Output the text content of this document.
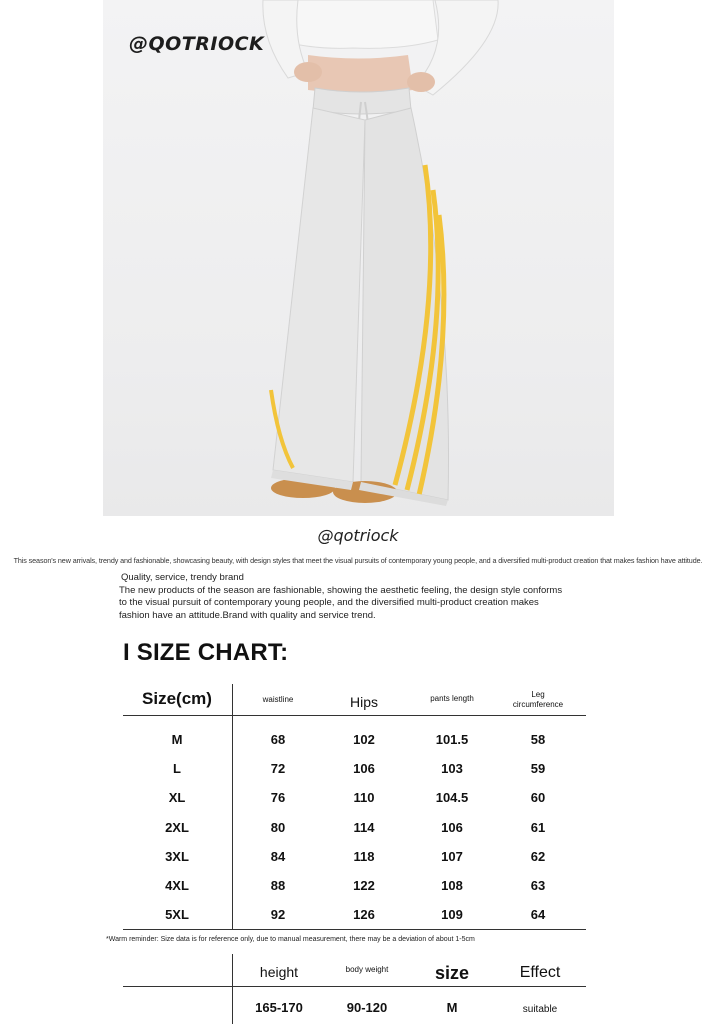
@QOTRIOCK
@qotriock
This season's new arrivals, trendy and fashionable, showcasing beauty, with design styles that meet the visual pursuits of contemporary young people, and a diversified multi-product creation that makes fashion have attitude.
Quality, service, trendy brand
The new products of the season are fashionable, showing the aesthetic feeling, the design style conforms
to the visual pursuit of contemporary young people, and the diversified multi-product creation makes
fashion have an attitude.Brand with quality and service trend.
I SIZE CHART:
Size(cm)	waistline	Hips	pants length	Leg
circumference
M	68	102	101.5	58
L	72	106	103	59
XL	76	110	104.5	60
2XL	80	114	106	61
3XL	84	118	107	62
4XL	88	122	108	63
5XL	92	126	109	64
*Warm reminder: Size data is for reference only, due to manual measurement, there may be a deviation of about 1-5cm
height	body weight	size	Effect
165-170	90-120	M	suitable
